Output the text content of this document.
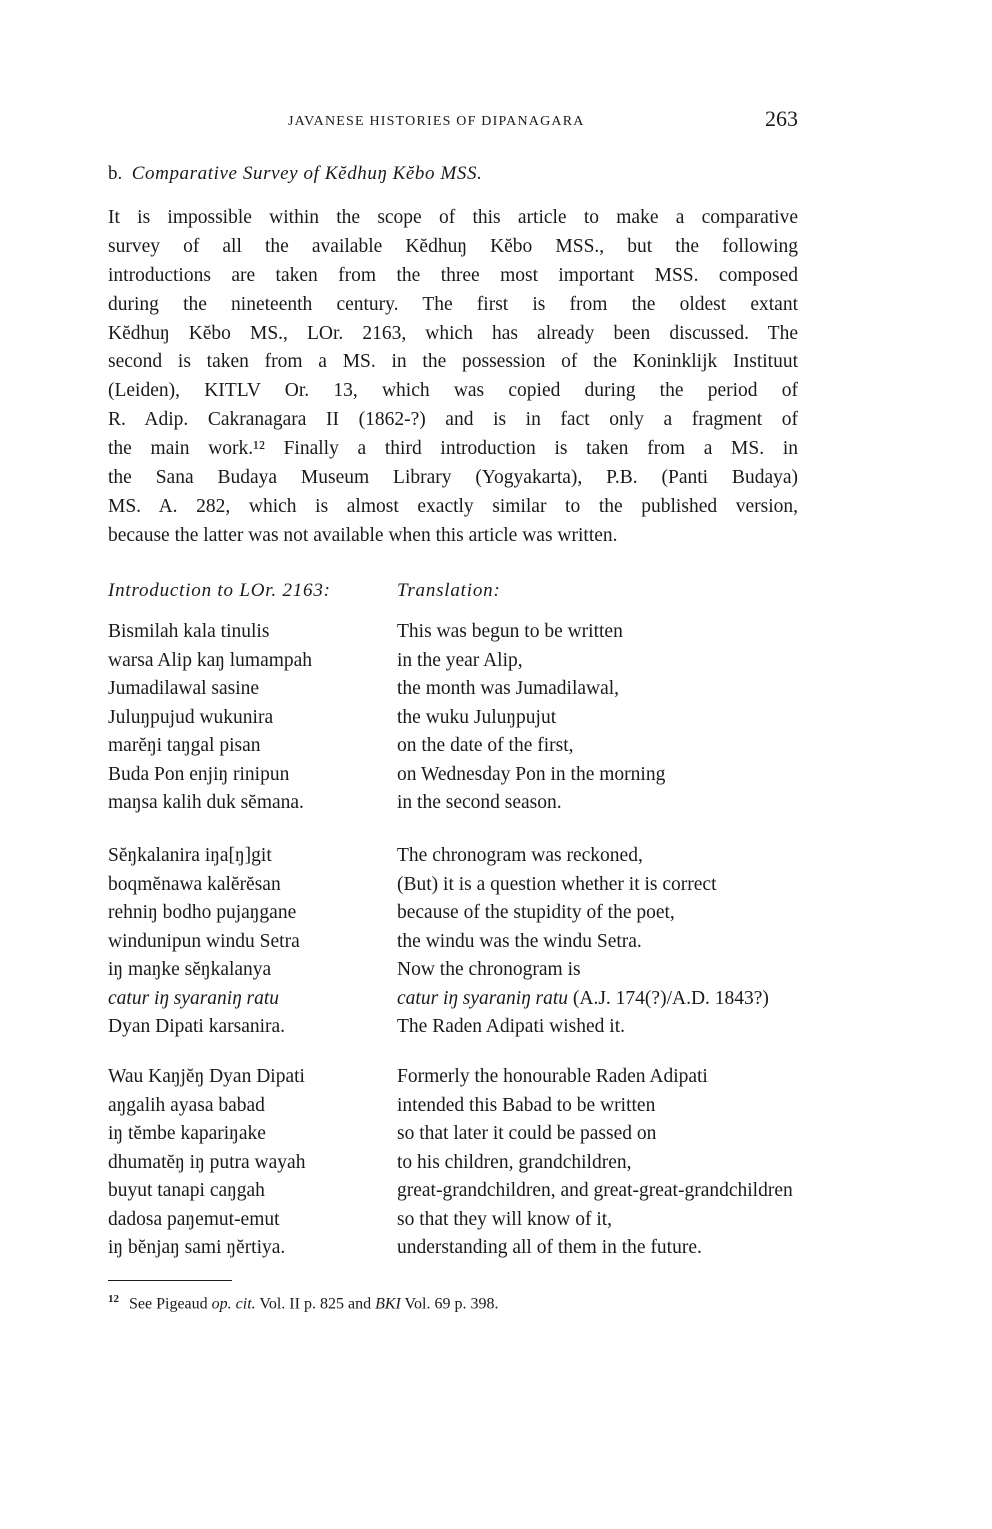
JAVANESE HISTORIES OF DIPANAGARA	263
b. Comparative Survey of Kĕdhuŋ Kĕbo MSS.
It is impossible within the scope of this article to make a comparative
survey of all the available Kĕdhuŋ Kĕbo MSS., but the following
introductions are taken from the three most important MSS. composed
during the nineteenth century. The first is from the oldest extant
Kĕdhuŋ Kĕbo MS., LOr. 2163, which has already been discussed. The
second is taken from a MS. in the possession of the Koninklijk Instituut
(Leiden), KITLV Or. 13, which was copied during the period of
R. Adip. Cakranagara II (1862-?) and is in fact only a fragment of
the main work.¹² Finally a third introduction is taken from a MS. in
the Sana Budaya Museum Library (Yogyakarta), P.B. (Panti Budaya)
MS. A. 282, which is almost exactly similar to the published version,
because the latter was not available when this article was written.
Introduction to LOr. 2163:	Translation:
Bismilah kala tinulis	This was begun to be written
warsa Alip kaŋ lumampah	in the year Alip,
Jumadilawal sasine	the month was Jumadilawal,
Juluŋpujud wukunira	the wuku Juluŋpujut
marĕŋi taŋgal pisan	on the date of the first,
Buda Pon enjiŋ rinipun	on Wednesday Pon in the morning
maŋsa kalih duk sĕmana.	in the second season.
Sĕŋkalanira iŋa[ŋ]git	The chronogram was reckoned,
boqmĕnawa kalĕrĕsan	(But) it is a question whether it is correct
rehniŋ bodho pujaŋgane	because of the stupidity of the poet,
windunipun windu Setra	the windu was the windu Setra.
iŋ maŋke sĕŋkalanya	Now the chronogram is
catur iŋ syaraniŋ ratu	catur iŋ syaraniŋ ratu (A.J. 174(?)/A.D. 1843?)
Dyan Dipati karsanira.	The Raden Adipati wished it.
Wau Kaŋjĕŋ Dyan Dipati	Formerly the honourable Raden Adipati
aŋgalih ayasa babad	intended this Babad to be written
iŋ tĕmbe kapariŋake	so that later it could be passed on
dhumatĕŋ iŋ putra wayah	to his children, grandchildren,
buyut tanapi caŋgah	great-grandchildren, and great-great-grandchildren
dadosa paŋemut-emut	so that they will know of it,
iŋ bĕnjaŋ sami ŋĕrtiya.	understanding all of them in the future.
$^{12}$ See Pigeaud op. cit. Vol. II p. 825 and BKI Vol. 69 p. 398.
